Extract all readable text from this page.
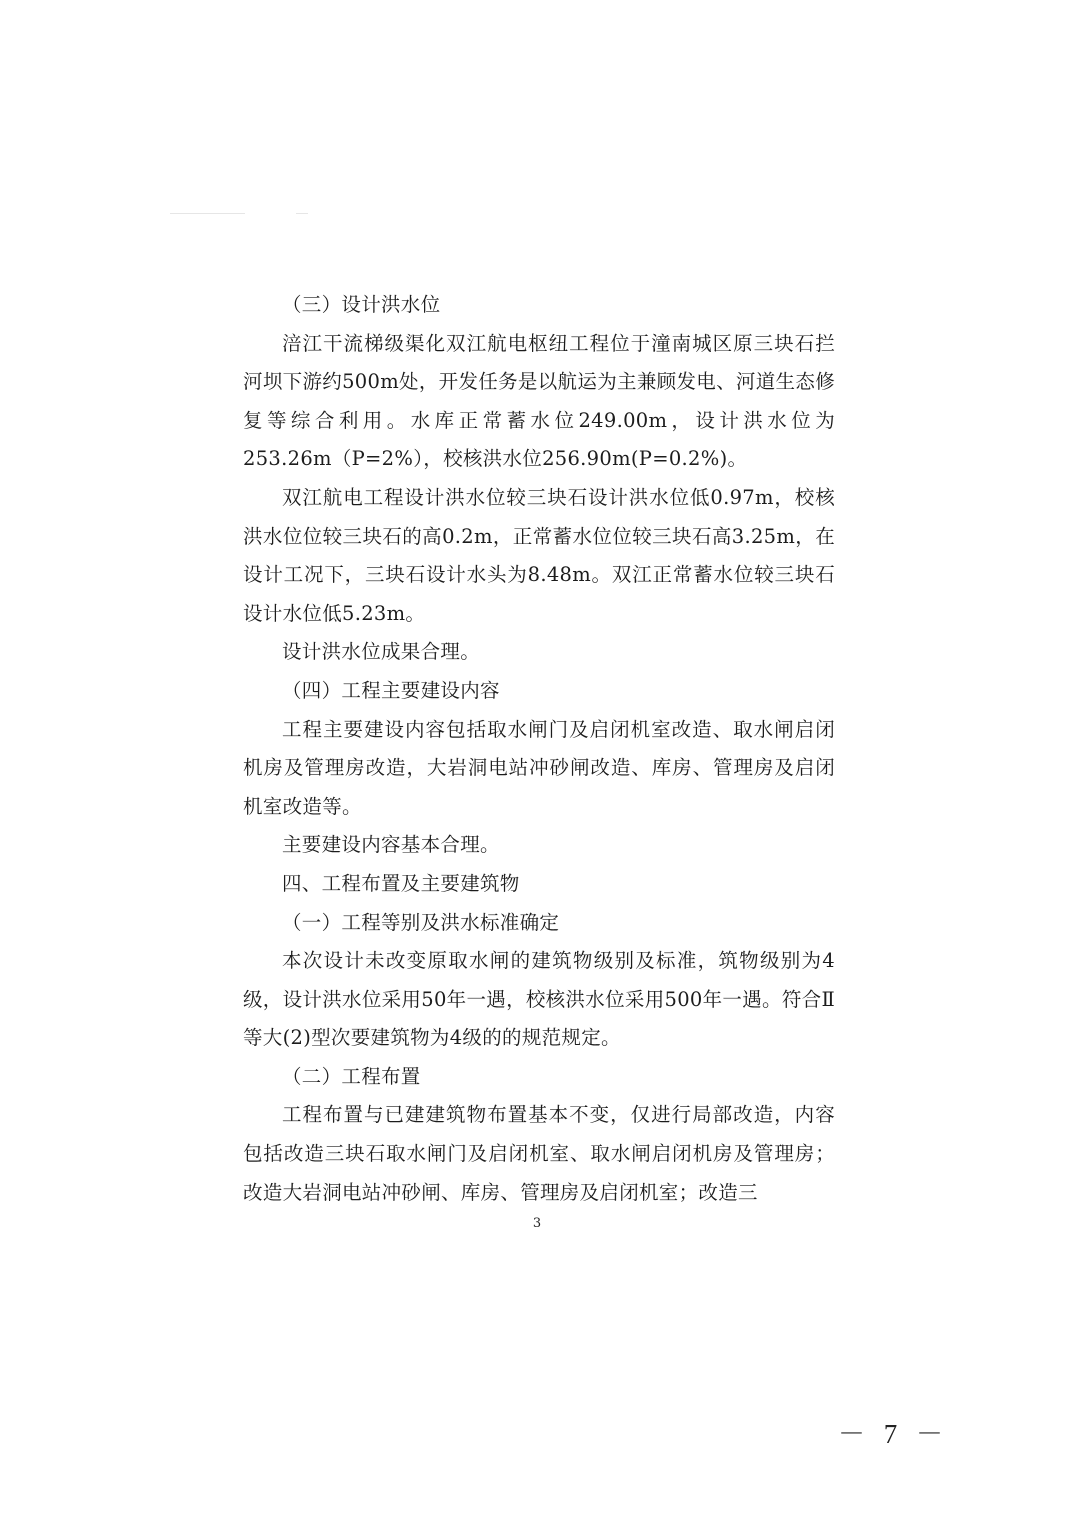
（三）设计洪水位

涪江干流梯级渠化双江航电枢纽工程位于潼南城区原三块石拦河坝下游约500m处，开发任务是以航运为主兼顾发电、河道生态修复等综合利用。水库正常蓄水位249.00m，设计洪水位为253.26m（P=2%），校核洪水位256.90m(P=0.2%)。

双江航电工程设计洪水位较三块石设计洪水位低0.97m，校核洪水位位较三块石的高0.2m，正常蓄水位位较三块石高3.25m，在设计工况下，三块石设计水头为8.48m。双江正常蓄水位较三块石设计水位低5.23m。

设计洪水位成果合理。

（四）工程主要建设内容

工程主要建设内容包括取水闸门及启闭机室改造、取水闸启闭机房及管理房改造，大岩洞电站冲砂闸改造、库房、管理房及启闭机室改造等。

主要建设内容基本合理。

四、工程布置及主要建筑物

（一）工程等别及洪水标准确定

本次设计未改变原取水闸的建筑物级别及标准，筑物级别为4级，设计洪水位采用50年一遇，校核洪水位采用500年一遇。符合Ⅱ等大(2)型次要建筑物为4级的的规范规定。

（二）工程布置

工程布置与已建建筑物布置基本不变，仅进行局部改造，内容包括改造三块石取水闸门及启闭机室、取水闸启闭机房及管理房；改造大岩洞电站冲砂闸、库房、管理房及启闭机室；改造三

3
－ 7 －
